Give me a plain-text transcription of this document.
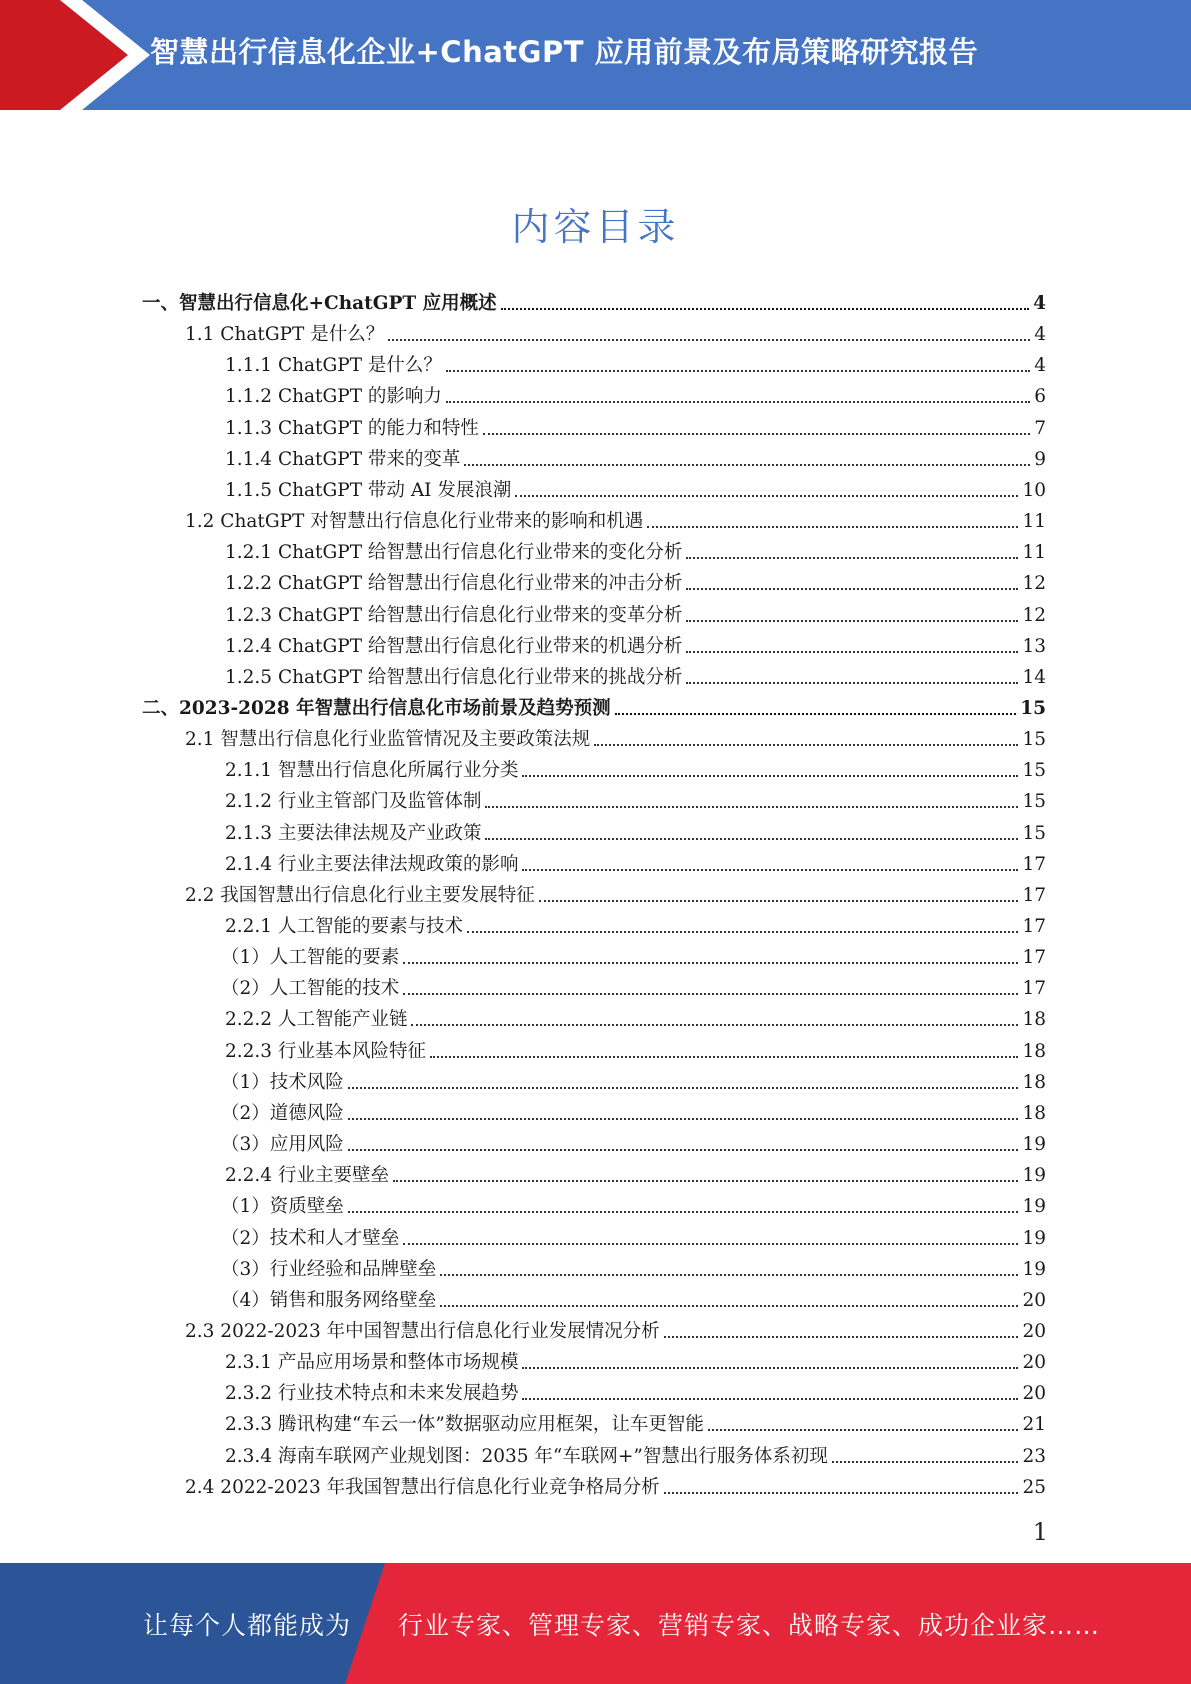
智慧出行信息化企业+ChatGPT 应用前景及布局策略研究报告
内容目录
一、智慧出行信息化+ChatGPT 应用概述	4
1.1 ChatGPT 是什么？	4
1.1.1 ChatGPT 是什么？	4
1.1.2 ChatGPT 的影响力	6
1.1.3 ChatGPT 的能力和特性	7
1.1.4 ChatGPT 带来的变革	9
1.1.5 ChatGPT 带动 AI 发展浪潮	10
1.2 ChatGPT 对智慧出行信息化行业带来的影响和机遇	11
1.2.1 ChatGPT 给智慧出行信息化行业带来的变化分析	11
1.2.2 ChatGPT 给智慧出行信息化行业带来的冲击分析	12
1.2.3 ChatGPT 给智慧出行信息化行业带来的变革分析	12
1.2.4 ChatGPT 给智慧出行信息化行业带来的机遇分析	13
1.2.5 ChatGPT 给智慧出行信息化行业带来的挑战分析	14
二、2023-2028 年智慧出行信息化市场前景及趋势预测	15
2.1 智慧出行信息化行业监管情况及主要政策法规	15
2.1.1 智慧出行信息化所属行业分类	15
2.1.2 行业主管部门及监管体制	15
2.1.3 主要法律法规及产业政策	15
2.1.4 行业主要法律法规政策的影响	17
2.2 我国智慧出行信息化行业主要发展特征	17
2.2.1 人工智能的要素与技术	17
（1）人工智能的要素	17
（2）人工智能的技术	17
2.2.2 人工智能产业链	18
2.2.3 行业基本风险特征	18
（1）技术风险	18
（2）道德风险	18
（3）应用风险	19
2.2.4 行业主要壁垒	19
（1）资质壁垒	19
（2）技术和人才壁垒	19
（3）行业经验和品牌壁垒	19
（4）销售和服务网络壁垒	20
2.3 2022-2023 年中国智慧出行信息化行业发展情况分析	20
2.3.1 产品应用场景和整体市场规模	20
2.3.2 行业技术特点和未来发展趋势	20
2.3.3 腾讯构建“车云一体”数据驱动应用框架，让车更智能	21
2.3.4 海南车联网产业规划图：2035 年“车联网+”智慧出行服务体系初现	23
2.4 2022-2023 年我国智慧出行信息化行业竞争格局分析	25
1
让每个人都能成为 行业专家、管理专家、营销专家、战略专家、成功企业家……
